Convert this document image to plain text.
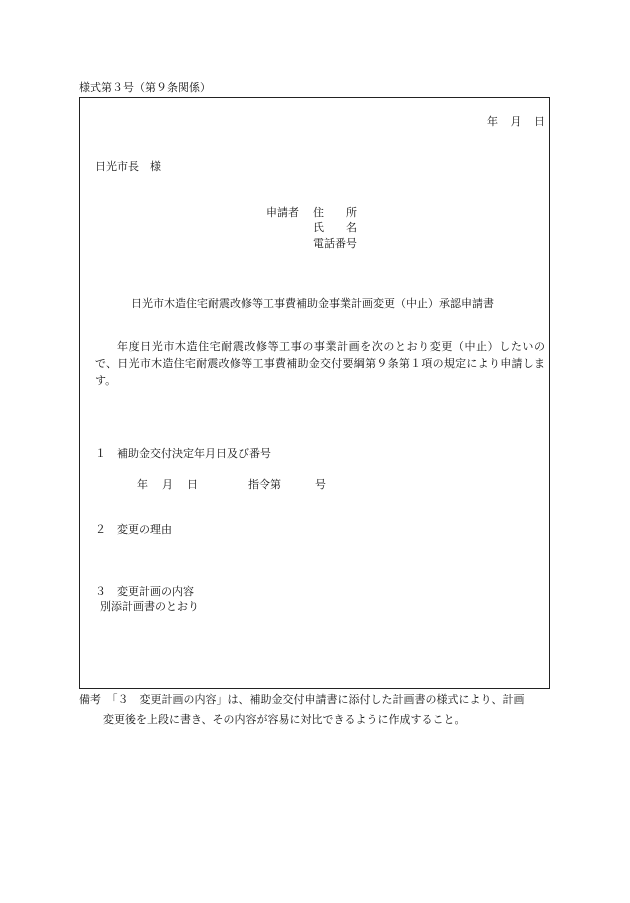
様式第３号（第９条関係）
年 月 日
日光市長　様
申請者 住　　所
氏　　名
電話番号
日光市木造住宅耐震改修等工事費補助金事業計画変更（中止）承認申請書
年度日光市木造住宅耐震改修等工事の事業計画を次のとおり変更（中止）したいので、日光市木造住宅耐震改修等工事費補助金交付要綱第９条第１項の規定により申請します。
１　補助金交付決定年月日及び番号
年 月 日	指令第	号
２　変更の理由
３　変更計画の内容
別添計画書のとおり
備考　「３　変更計画の内容」は、補助金交付申請書に添付した計画書の様式により、計画
変更後を上段に書き、その内容が容易に対比できるように作成すること。
